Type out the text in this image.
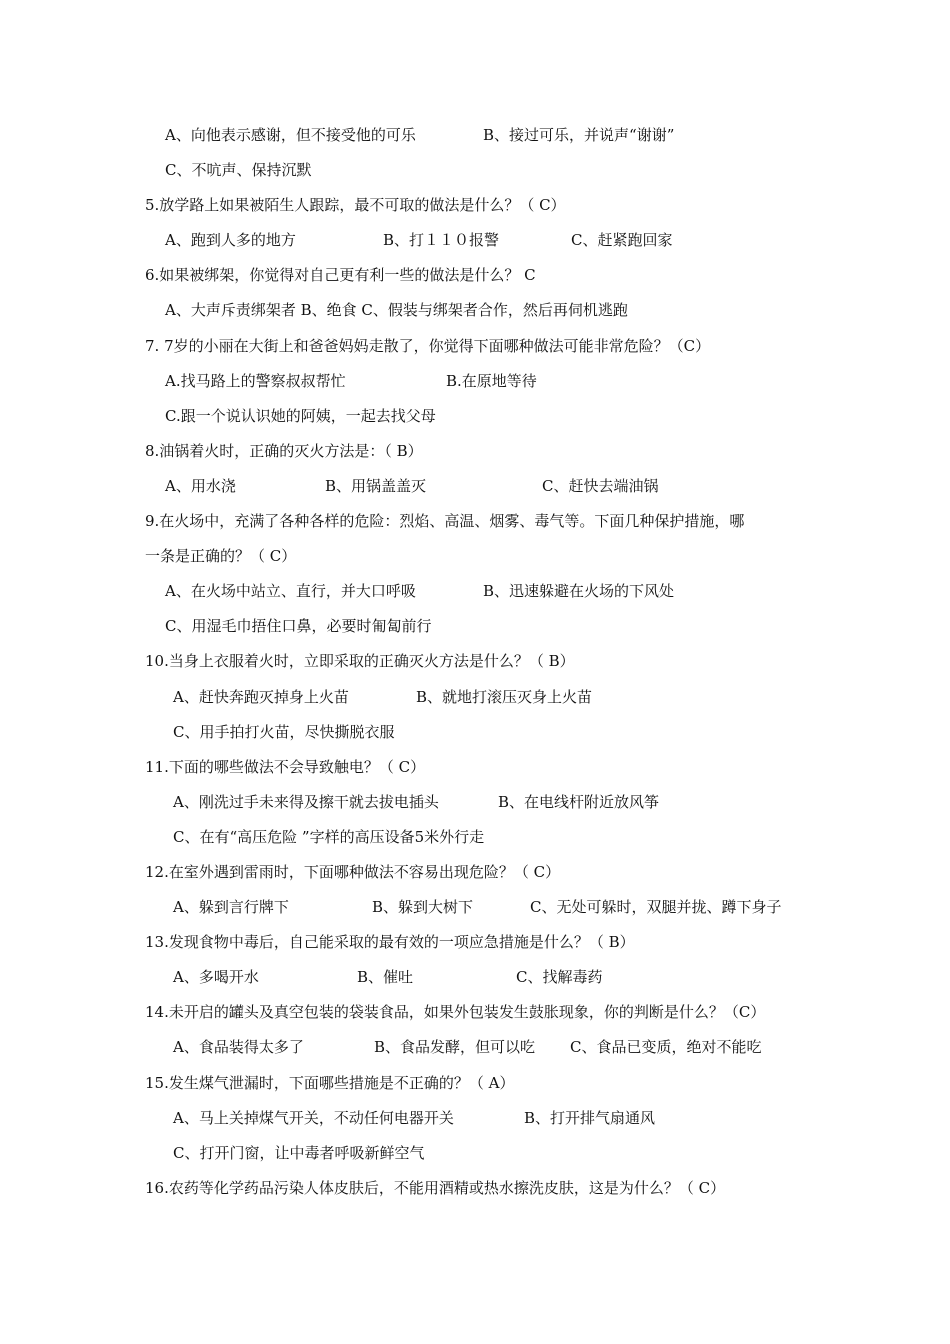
A、向他表示感谢，但不接受他的可乐	B、接过可乐，并说声“谢谢”
C、不吭声、保持沉默
5.放学路上如果被陌生人跟踪，最不可取的做法是什么？（ C）
A、跑到人多的地方	B、打１１０报警	C、赶紧跑回家
6.如果被绑架，你觉得对自己更有利一些的做法是什么？ C
A、大声斥责绑架者 B、绝食 C、假装与绑架者合作，然后再伺机逃跑
7. 7岁的小丽在大街上和爸爸妈妈走散了，你觉得下面哪种做法可能非常危险？（C）
A.找马路上的警察叔叔帮忙	B.在原地等待
C.跟一个说认识她的阿姨，一起去找父母
8.油锅着火时，正确的灭火方法是：（ B）
A、用水浇	B、用锅盖盖灭	C、赶快去端油锅
9.在火场中，充满了各种各样的危险：烈焰、高温、烟雾、毒气等。下面几种保护措施，哪
一条是正确的？（ C）
A、在火场中站立、直行，并大口呼吸	B、迅速躲避在火场的下风处
C、用湿毛巾捂住口鼻，必要时匍匐前行
10.当身上衣服着火时，立即采取的正确灭火方法是什么？（ B）
A、赶快奔跑灭掉身上火苗	B、就地打滚压灭身上火苗
C、用手拍打火苗，尽快撕脱衣服
11.下面的哪些做法不会导致触电？（ C）
A、刚洗过手未来得及擦干就去拔电插头	B、在电线杆附近放风筝
C、在有“高压危险 ”字样的高压设备5米外行走
12.在室外遇到雷雨时，下面哪种做法不容易出现危险？（ C）
A、躲到言行牌下	B、躲到大树下	C、无处可躲时，双腿并拢、蹲下身子
13.发现食物中毒后，自己能采取的最有效的一项应急措施是什么？（ B）
A、多喝开水	B、催吐	C、找解毒药
14.未开启的罐头及真空包装的袋装食品，如果外包装发生鼓胀现象，你的判断是什么？（C）
A、食品装得太多了	B、食品发酵，但可以吃 C、食品已变质，绝对不能吃
15.发生煤气泄漏时，下面哪些措施是不正确的？（ A）
A、马上关掉煤气开关，不动任何电器开关	B、打开排气扇通风
C、打开门窗，让中毒者呼吸新鲜空气
16.农药等化学药品污染人体皮肤后，不能用酒精或热水擦洗皮肤，这是为什么？（ C）
